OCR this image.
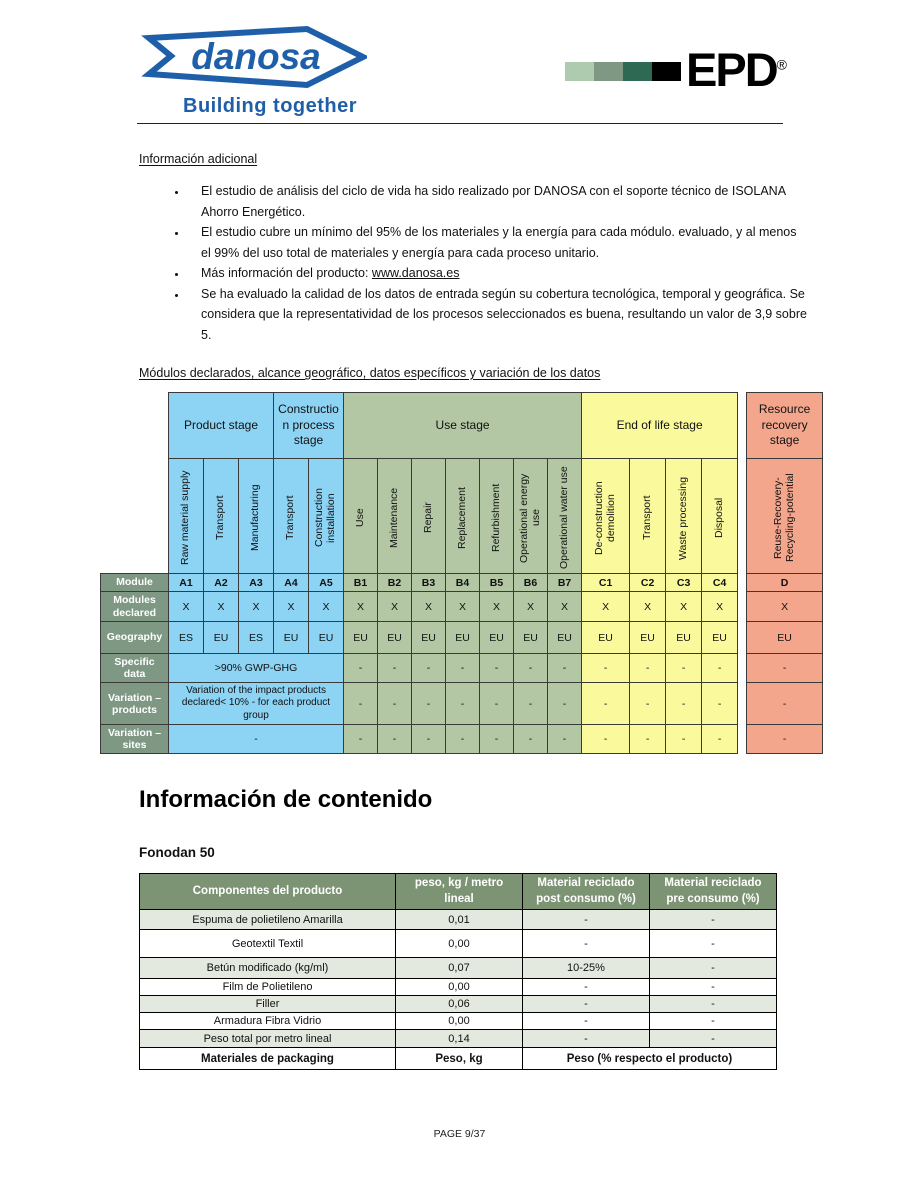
danosa
Building together
EPD®
Información adicional
• El estudio de análisis del ciclo de vida ha sido realizado por DANOSA con el soporte técnico de ISOLANA Ahorro Energético.
• El estudio cubre un mínimo del 95% de los materiales y la energía para cada módulo. evaluado, y al menos el 99% del uso total de materiales y energía para cada proceso unitario.
• Más información del producto: www.danosa.es
• Se ha evaluado la calidad de los datos de entrada según su cobertura tecnológica, temporal y geográfica. Se considera que la representatividad de los procesos seleccionados es buena, resultando un valor de 3,9 sobre 5.
Módulos declarados, alcance geográfico, datos específicos y variación de los datos
	Product stage			Construction process stage		Use stage							End of life stage					Resource recovery stage

	Raw material supply	Transport	Manufacturing	Transport	Construction installation	Use	Maintenance	Repair	Replacement	Refurbishment	Operational energy use	Operational water use	De-construction demolition	Transport	Waste processing	Disposal		Reuse-Recovery-Recycling-potential

Module	A1	A2	A3	A4	A5	B1	B2	B3	B4	B5	B6	B7	C1	C2	C3	C4		D
Modules declared	X	X	X	X	X	X	X	X	X	X	X	X	X	X	X	X		X
Geography	ES	EU	ES	EU	EU	EU	EU	EU	EU	EU	EU	EU	EU	EU	EU	EU		EU
Specific data	>90% GWP-GHG					-	-	-	-	-	-	-	-	-	-	-		-
Variation – products	Variation of the impact products declared< 10% - for each product group					-	-	-	-	-	-	-	-	-	-	-		-
Variation – sites	-					-	-	-	-	-	-	-	-	-	-	-		-
Información de contenido
Fonodan 50
Componentes del producto	peso, kg / metro lineal	Material reciclado post consumo (%)	Material reciclado pre consumo (%)
Espuma de polietileno Amarilla	0,01	-	-
Geotextil Textil	0,00	-	-
Betún modificado (kg/ml)	0,07	10-25%	-
Film de Polietileno	0,00	-	-
Filler	0,06	-	-
Armadura Fibra Vidrio	0,00	-	-
Peso total por metro lineal	0,14	-	-
Materiales de packaging	Peso, kg	Peso (% respecto el producto)	
PAGE 9/37
